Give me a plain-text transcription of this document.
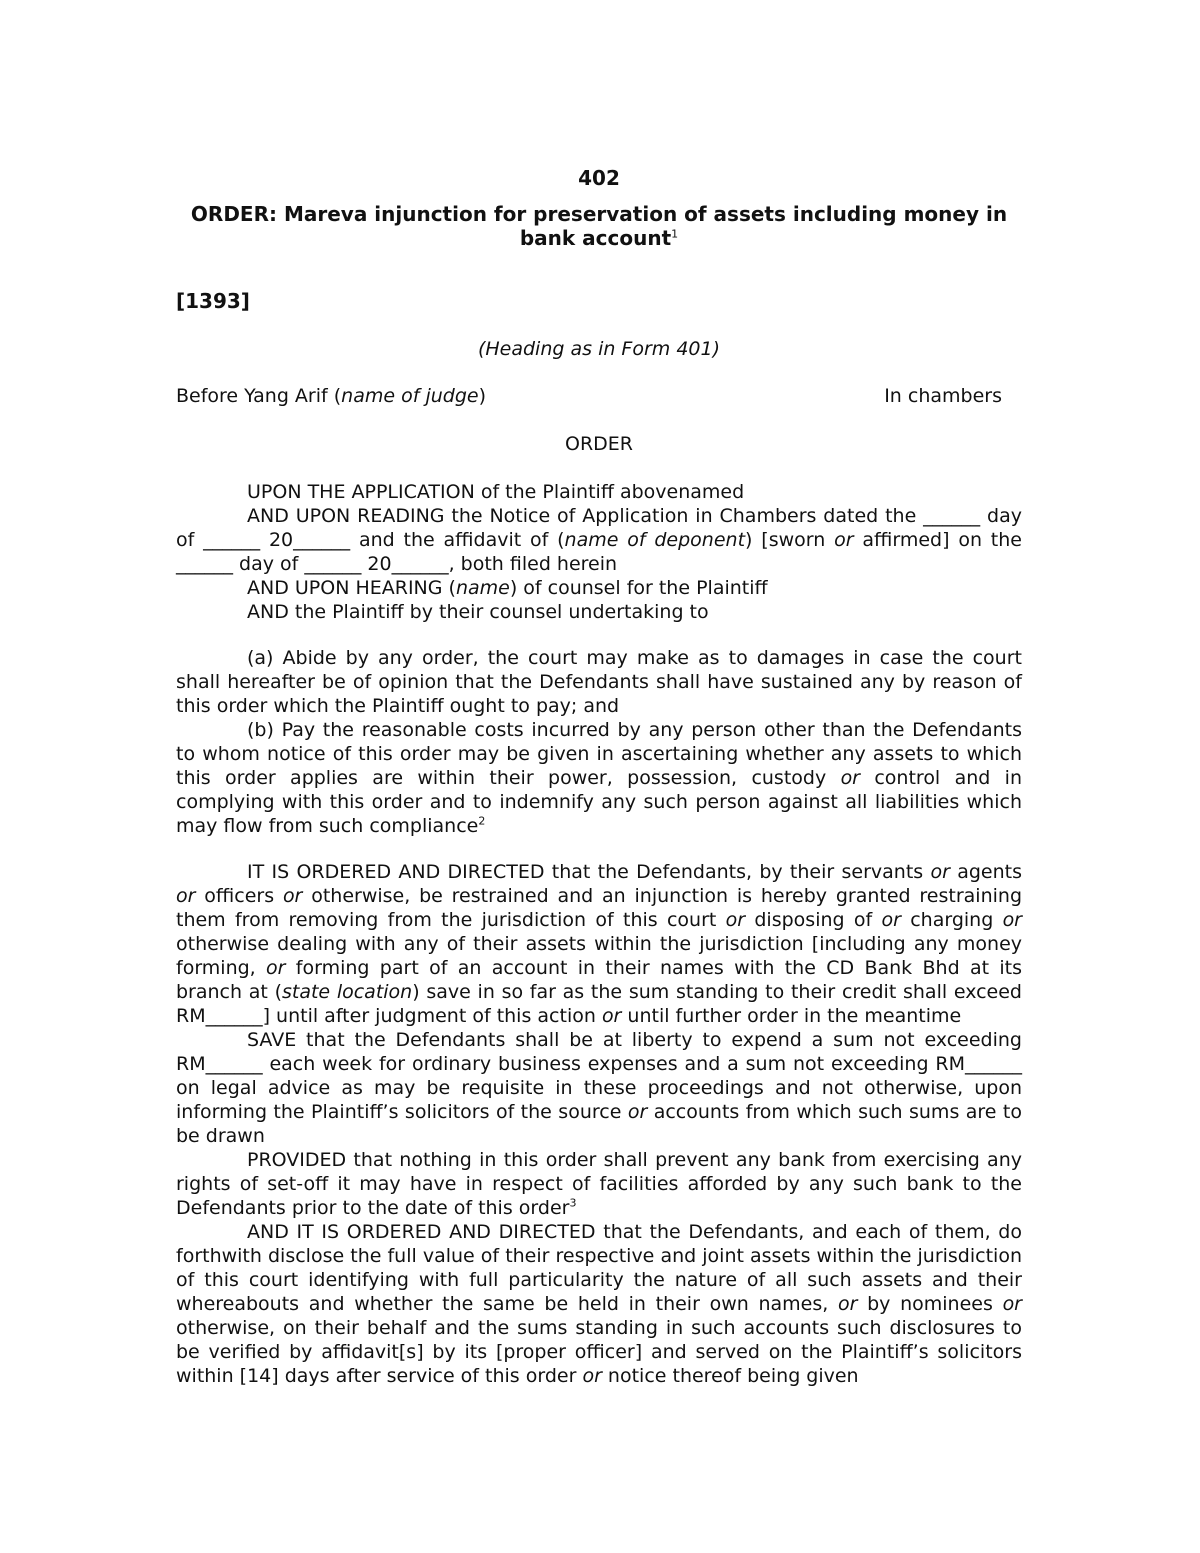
402
ORDER: Mareva injunction for preservation of assets including money in bank account$^1$
[1393]
(Heading as in Form 401)
Before Yang Arif (name of judge)	In chambers
ORDER

UPON THE APPLICATION of the Plaintiff abovenamed

AND UPON READING the Notice of Application in Chambers dated the ______ day of ______ 20______ and the affidavit of (name of deponent) [sworn or affirmed] on the ______ day of ______ 20______, both filed herein

AND UPON HEARING (name) of counsel for the Plaintiff

AND the Plaintiff by their counsel undertaking to

(a) Abide by any order, the court may make as to damages in case the court shall hereafter be of opinion that the Defendants shall have sustained any by reason of this order which the Plaintiff ought to pay; and

(b) Pay the reasonable costs incurred by any person other than the Defendants to whom notice of this order may be given in ascertaining whether any assets to which this order applies are within their power, possession, custody or control and in complying with this order and to indemnify any such person against all liabilities which may flow from such compliance$^2$

IT IS ORDERED AND DIRECTED that the Defendants, by their servants or agents or officers or otherwise, be restrained and an injunction is hereby granted restraining them from removing from the jurisdiction of this court or disposing of or charging or otherwise dealing with any of their assets within the jurisdiction [including any money forming, or forming part of an account in their names with the CD Bank Bhd at its branch at (state location) save in so far as the sum standing to their credit shall exceed RM______] until after judgment of this action or until further order in the meantime

SAVE that the Defendants shall be at liberty to expend a sum not exceeding RM______ each week for ordinary business expenses and a sum not exceeding RM______ on legal advice as may be requisite in these proceedings and not otherwise, upon informing the Plaintiff’s solicitors of the source or accounts from which such sums are to be drawn

PROVIDED that nothing in this order shall prevent any bank from exercising any rights of set-off it may have in respect of facilities afforded by any such bank to the Defendants prior to the date of this order$^3$

AND IT IS ORDERED AND DIRECTED that the Defendants, and each of them, do forthwith disclose the full value of their respective and joint assets within the jurisdiction of this court identifying with full particularity the nature of all such assets and their whereabouts and whether the same be held in their own names, or by nominees or otherwise, on their behalf and the sums standing in such accounts such disclosures to be verified by affidavit[s] by its [proper officer] and served on the Plaintiff’s solicitors within [14] days after service of this order or notice thereof being given
